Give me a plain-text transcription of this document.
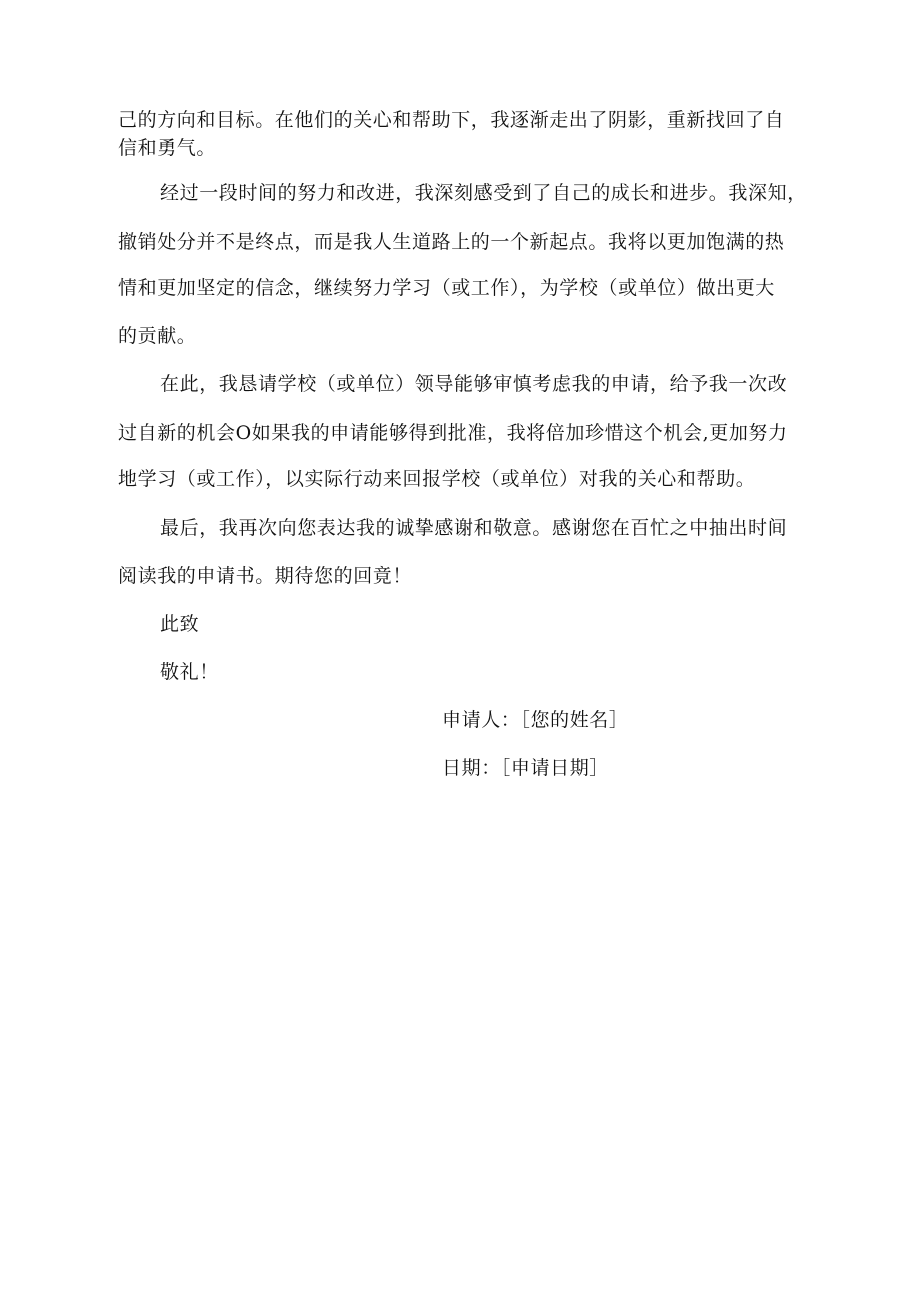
己的方向和目标。在他们的关心和帮助下，我逐渐走出了阴影，重新找回了自
信和勇气。
经过一段时间的努力和改进，我深刻感受到了自己的成长和进步。我深知，
撤销处分并不是终点，而是我人生道路上的一个新起点。我将以更加饱满的热
情和更加坚定的信念，继续努力学习（或工作），为学校（或单位）做出更大
的贡献。
在此，我恳请学校（或单位）领导能够审慎考虑我的申请，给予我一次改
过自新的机会O如果我的申请能够得到批准，我将倍加珍惜这个机会,更加努力
地学习（或工作），以实际行动来回报学校（或单位）对我的关心和帮助。
最后，我再次向您表达我的诚挚感谢和敬意。感谢您在百忙之中抽出时间
阅读我的申请书。期待您的回竟！
此致
敬礼！
申请人：［您的姓名］
日期：［申请日期］
